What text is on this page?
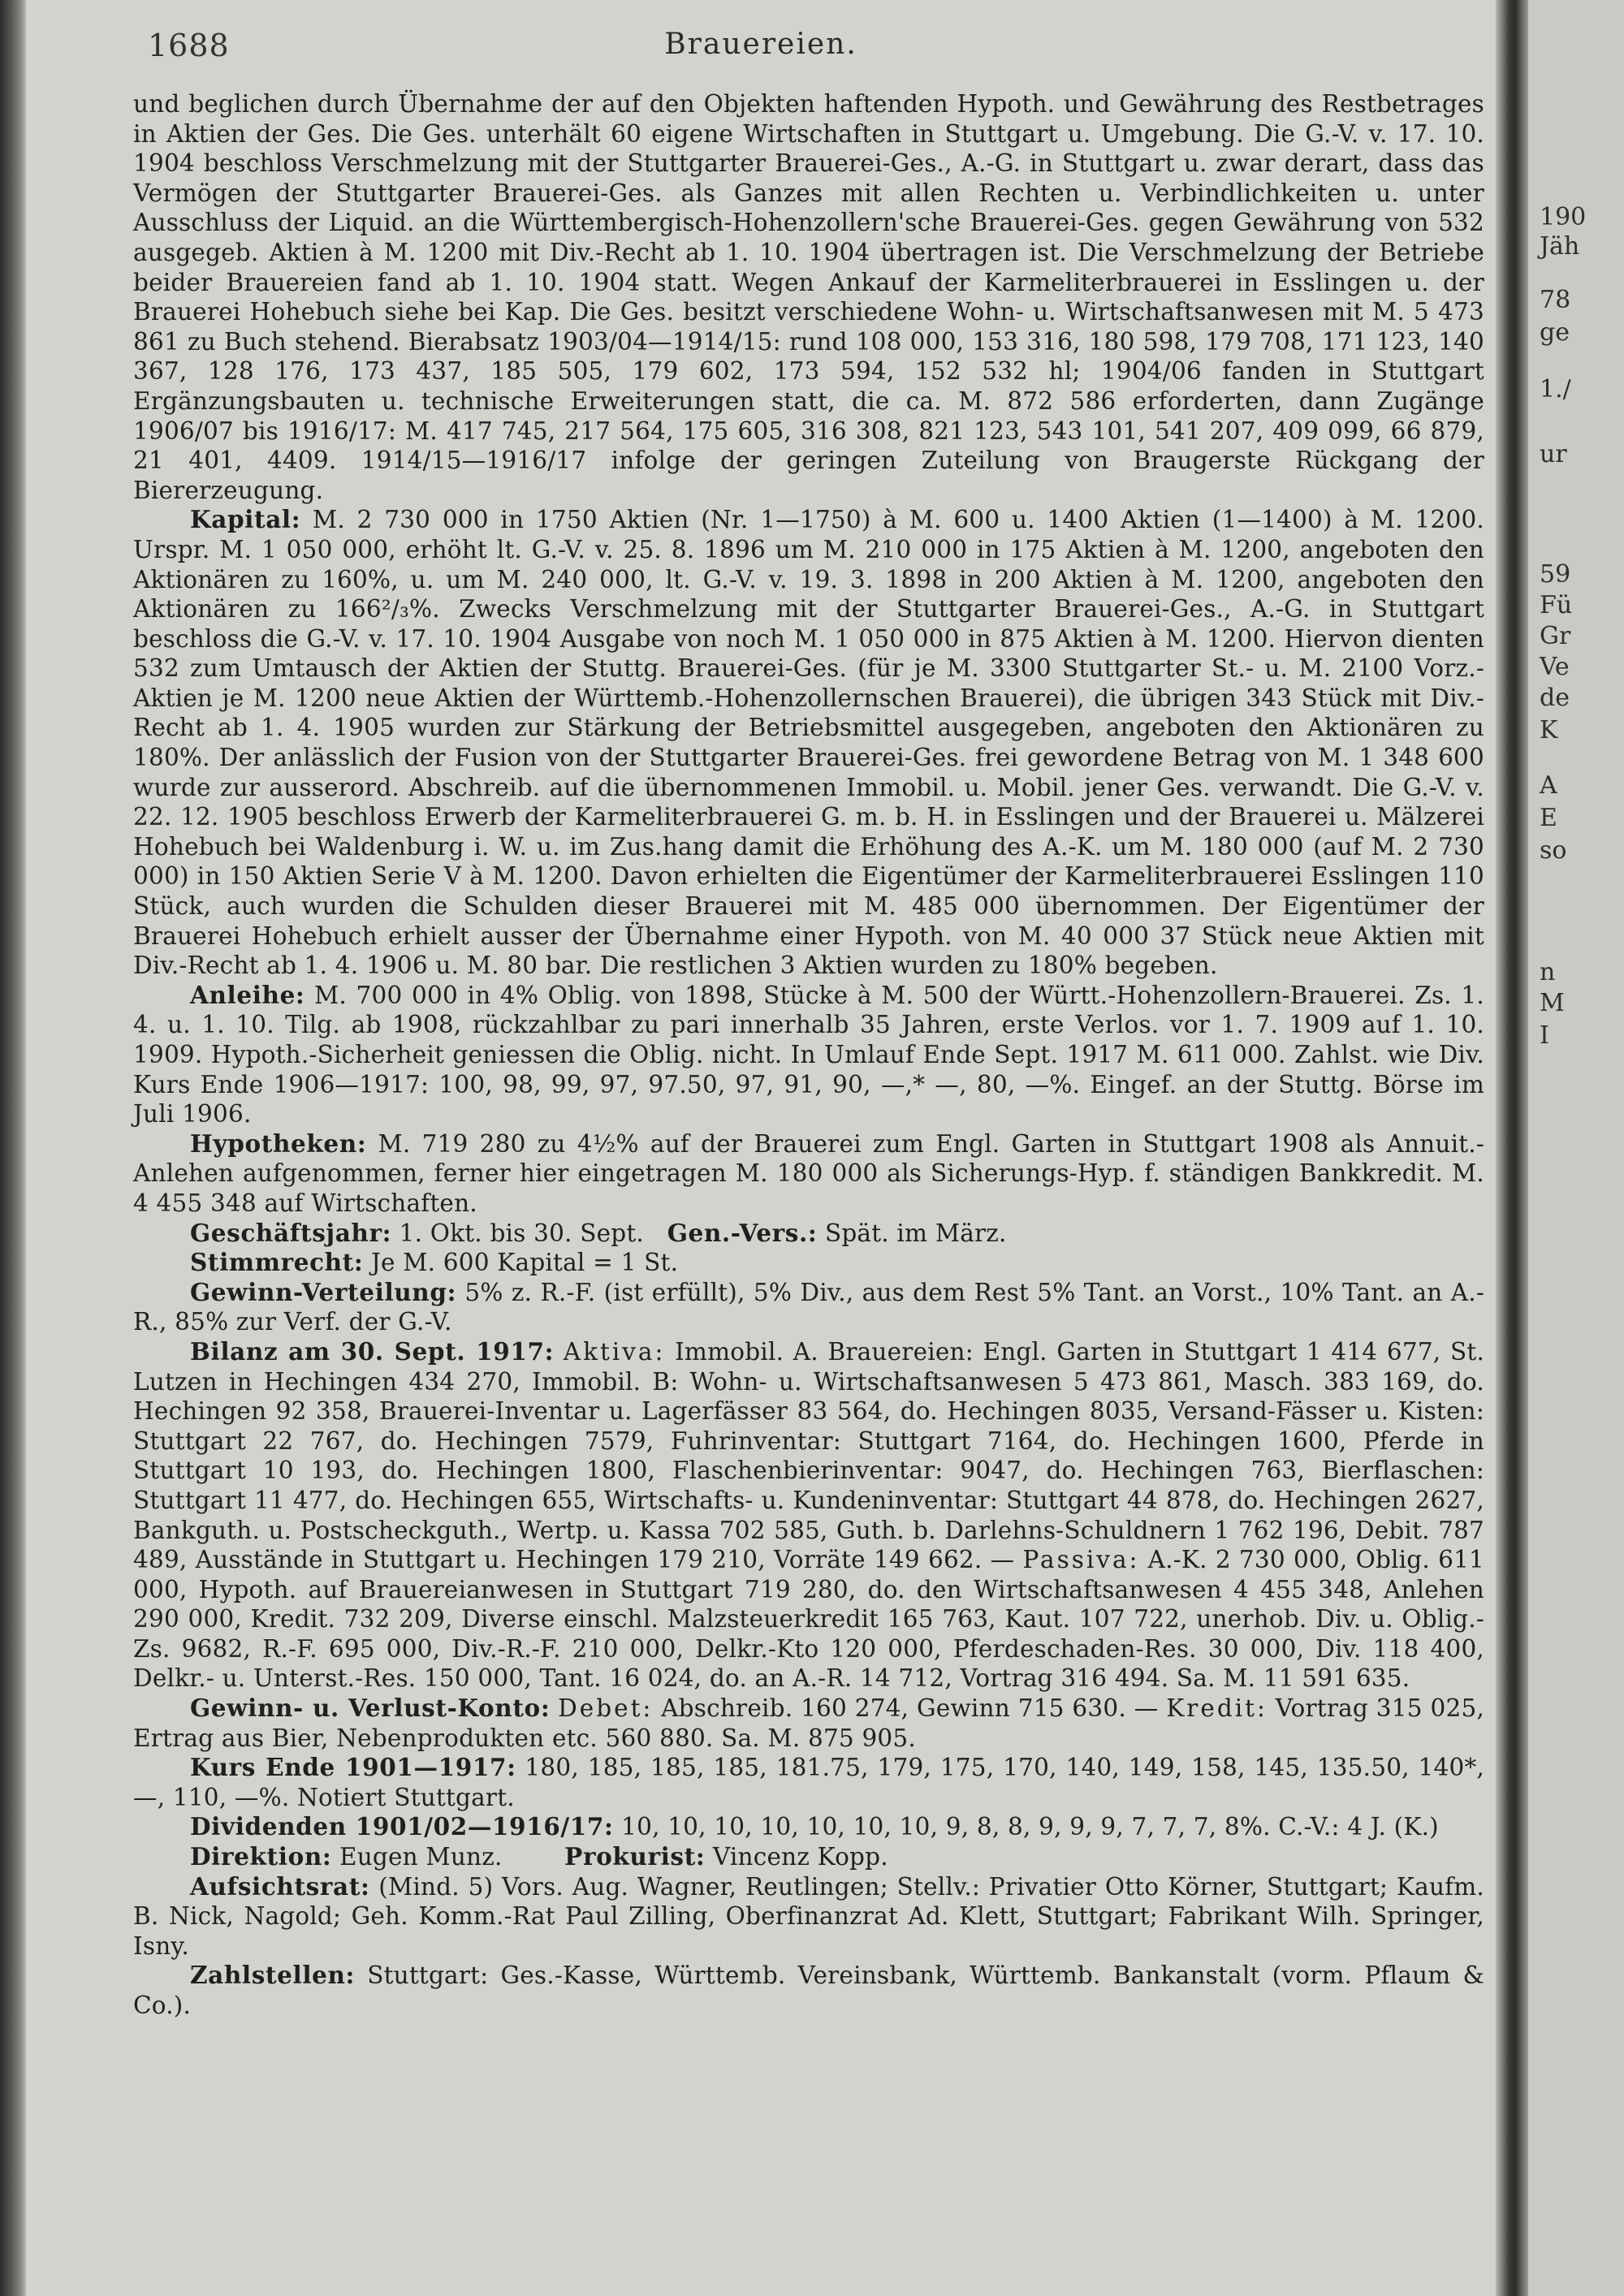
1688	Brauereien.

und beglichen durch Übernahme der auf den Objekten haftenden Hypoth. und Gewährung des Restbetrages in Aktien der Ges. Die Ges. unterhält 60 eigene Wirtschaften in Stuttgart u. Umgebung. Die G.-V. v. 17. 10. 1904 beschloss Verschmelzung mit der Stuttgarter Brauerei-Ges., A.-G. in Stuttgart u. zwar derart, dass das Vermögen der Stuttgarter Brauerei-Ges. als Ganzes mit allen Rechten u. Verbindlichkeiten u. unter Ausschluss der Liquid. an die Württembergisch-Hohenzollern'sche Brauerei-Ges. gegen Gewährung von 532 ausgegeb. Aktien à M. 1200 mit Div.-Recht ab 1. 10. 1904 übertragen ist. Die Verschmelzung der Betriebe beider Brauereien fand ab 1. 10. 1904 statt. Wegen Ankauf der Karmeliterbrauerei in Esslingen u. der Brauerei Hohebuch siehe bei Kap. Die Ges. besitzt verschiedene Wohn- u. Wirtschaftsanwesen mit M. 5 473 861 zu Buch stehend. Bierabsatz 1903/04—1914/15: rund 108 000, 153 316, 180 598, 179 708, 171 123, 140 367, 128 176, 173 437, 185 505, 179 602, 173 594, 152 532 hl; 1904/06 fanden in Stuttgart Ergänzungsbauten u. technische Erweiterungen statt, die ca. M. 872 586 erforderten, dann Zugänge 1906/07 bis 1916/17: M. 417 745, 217 564, 175 605, 316 308, 821 123, 543 101, 541 207, 409 099, 66 879, 21 401, 4409. 1914/15—1916/17 infolge der geringen Zuteilung von Braugerste Rückgang der Biererzeugung.

Kapital: M. 2 730 000 in 1750 Aktien (Nr. 1—1750) à M. 600 u. 1400 Aktien (1—1400) à M. 1200. Urspr. M. 1 050 000, erhöht lt. G.-V. v. 25. 8. 1896 um M. 210 000 in 175 Aktien à M. 1200, angeboten den Aktionären zu 160%, u. um M. 240 000, lt. G.-V. v. 19. 3. 1898 in 200 Aktien à M. 1200, angeboten den Aktionären zu 166²/₃%. Zwecks Verschmelzung mit der Stuttgarter Brauerei-Ges., A.-G. in Stuttgart beschloss die G.-V. v. 17. 10. 1904 Ausgabe von noch M. 1 050 000 in 875 Aktien à M. 1200. Hiervon dienten 532 zum Umtausch der Aktien der Stuttg. Brauerei-Ges. (für je M. 3300 Stuttgarter St.- u. M. 2100 Vorz.-Aktien je M. 1200 neue Aktien der Württemb.-Hohenzollernschen Brauerei), die übrigen 343 Stück mit Div.-Recht ab 1. 4. 1905 wurden zur Stärkung der Betriebsmittel ausgegeben, angeboten den Aktionären zu 180%. Der anlässlich der Fusion von der Stuttgarter Brauerei-Ges. frei gewordene Betrag von M. 1 348 600 wurde zur ausserord. Abschreib. auf die übernommenen Immobil. u. Mobil. jener Ges. verwandt. Die G.-V. v. 22. 12. 1905 beschloss Erwerb der Karmeliterbrauerei G. m. b. H. in Esslingen und der Brauerei u. Mälzerei Hohebuch bei Waldenburg i. W. u. im Zus.hang damit die Erhöhung des A.-K. um M. 180 000 (auf M. 2 730 000) in 150 Aktien Serie V à M. 1200. Davon erhielten die Eigentümer der Karmeliterbrauerei Esslingen 110 Stück, auch wurden die Schulden dieser Brauerei mit M. 485 000 übernommen. Der Eigentümer der Brauerei Hohebuch erhielt ausser der Übernahme einer Hypoth. von M. 40 000 37 Stück neue Aktien mit Div.-Recht ab 1. 4. 1906 u. M. 80 bar. Die restlichen 3 Aktien wurden zu 180% begeben.

Anleihe: M. 700 000 in 4% Oblig. von 1898, Stücke à M. 500 der Württ.-Hohenzollern-Brauerei. Zs. 1. 4. u. 1. 10. Tilg. ab 1908, rückzahlbar zu pari innerhalb 35 Jahren, erste Verlos. vor 1. 7. 1909 auf 1. 10. 1909. Hypoth.-Sicherheit geniessen die Oblig. nicht. In Umlauf Ende Sept. 1917 M. 611 000. Zahlst. wie Div. Kurs Ende 1906—1917: 100, 98, 99, 97, 97.50, 97, 91, 90, —,* —, 80, —%. Eingef. an der Stuttg. Börse im Juli 1906.

Hypotheken: M. 719 280 zu 4½% auf der Brauerei zum Engl. Garten in Stuttgart 1908 als Annuit.-Anlehen aufgenommen, ferner hier eingetragen M. 180 000 als Sicherungs-Hyp. f. ständigen Bankkredit. M. 4 455 348 auf Wirtschaften.

Geschäftsjahr: 1. Okt. bis 30. Sept. Gen.-Vers.: Spät. im März.

Stimmrecht: Je M. 600 Kapital = 1 St.

Gewinn-Verteilung: 5% z. R.-F. (ist erfüllt), 5% Div., aus dem Rest 5% Tant. an Vorst., 10% Tant. an A.-R., 85% zur Verf. der G.-V.

Bilanz am 30. Sept. 1917: Aktiva: Immobil. A. Brauereien: Engl. Garten in Stuttgart 1 414 677, St. Lutzen in Hechingen 434 270, Immobil. B: Wohn- u. Wirtschaftsanwesen 5 473 861, Masch. 383 169, do. Hechingen 92 358, Brauerei-Inventar u. Lagerfässer 83 564, do. Hechingen 8035, Versand-Fässer u. Kisten: Stuttgart 22 767, do. Hechingen 7579, Fuhrinventar: Stuttgart 7164, do. Hechingen 1600, Pferde in Stuttgart 10 193, do. Hechingen 1800, Flaschenbierinventar: 9047, do. Hechingen 763, Bierflaschen: Stuttgart 11 477, do. Hechingen 655, Wirtschafts- u. Kundeninventar: Stuttgart 44 878, do. Hechingen 2627, Bankguth. u. Postscheckguth., Wertp. u. Kassa 702 585, Guth. b. Darlehns-Schuldnern 1 762 196, Debit. 787 489, Ausstände in Stuttgart u. Hechingen 179 210, Vorräte 149 662. — Passiva: A.-K. 2 730 000, Oblig. 611 000, Hypoth. auf Brauereianwesen in Stuttgart 719 280, do. den Wirtschaftsanwesen 4 455 348, Anlehen 290 000, Kredit. 732 209, Diverse einschl. Malzsteuerkredit 165 763, Kaut. 107 722, unerhob. Div. u. Oblig.-Zs. 9682, R.-F. 695 000, Div.-R.-F. 210 000, Delkr.-Kto 120 000, Pferdeschaden-Res. 30 000, Div. 118 400, Delkr.- u. Unterst.-Res. 150 000, Tant. 16 024, do. an A.-R. 14 712, Vortrag 316 494. Sa. M. 11 591 635.

Gewinn- u. Verlust-Konto: Debet: Abschreib. 160 274, Gewinn 715 630. — Kredit: Vortrag 315 025, Ertrag aus Bier, Nebenprodukten etc. 560 880. Sa. M. 875 905.

Kurs Ende 1901—1917: 180, 185, 185, 185, 181.75, 179, 175, 170, 140, 149, 158, 145, 135.50, 140*, —, 110, —%. Notiert Stuttgart.

Dividenden 1901/02—1916/17: 10, 10, 10, 10, 10, 10, 10, 9, 8, 8, 9, 9, 9, 7, 7, 7, 8%. C.-V.: 4 J. (K.)

Direktion: Eugen Munz.	Prokurist: Vincenz Kopp.

Aufsichtsrat: (Mind. 5) Vors. Aug. Wagner, Reutlingen; Stellv.: Privatier Otto Körner, Stuttgart; Kaufm. B. Nick, Nagold; Geh. Komm.-Rat Paul Zilling, Oberfinanzrat Ad. Klett, Stuttgart; Fabrikant Wilh. Springer, Isny.

Zahlstellen: Stuttgart: Ges.-Kasse, Württemb. Vereinsbank, Württemb. Bankanstalt (vorm. Pflaum & Co.).

190
Jäh
78
ge
1./
ur
59
Fü
Gr
Ve
de
K
A
E
so
n
M
I
